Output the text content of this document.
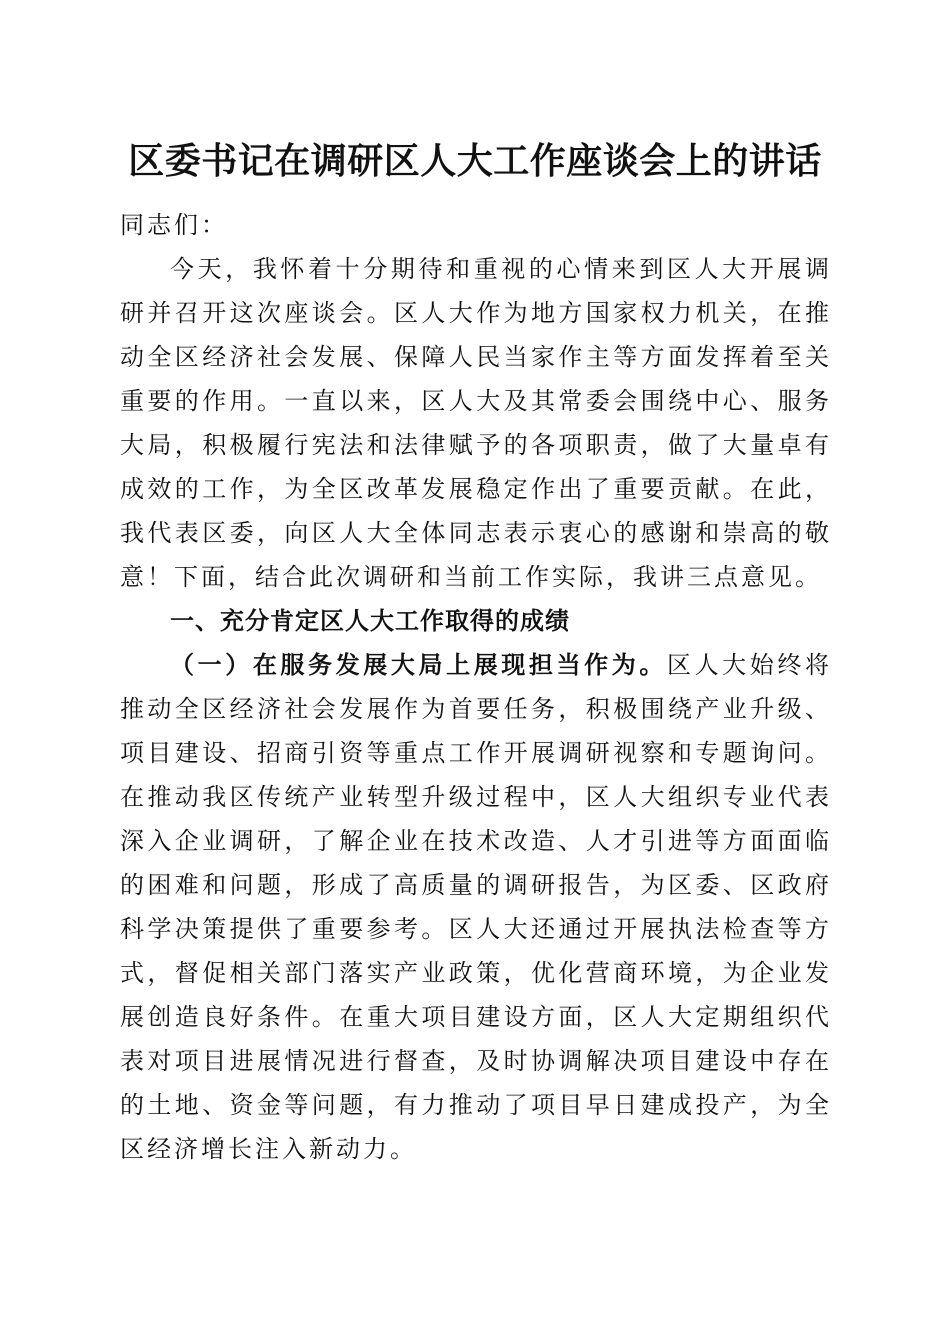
区委书记在调研区人大工作座谈会上的讲话

同志们：

今天，我怀着十分期待和重视的心情来到区人大开展调研并召开这次座谈会。区人大作为地方国家权力机关，在推动全区经济社会发展、保障人民当家作主等方面发挥着至关重要的作用。一直以来，区人大及其常委会围绕中心、服务大局，积极履行宪法和法律赋予的各项职责，做了大量卓有成效的工作，为全区改革发展稳定作出了重要贡献。在此，我代表区委，向区人大全体同志表示衷心的感谢和崇高的敬意！下面，结合此次调研和当前工作实际，我讲三点意见。

一、充分肯定区人大工作取得的成绩

（一）在服务发展大局上展现担当作为。区人大始终将推动全区经济社会发展作为首要任务，积极围绕产业升级、项目建设、招商引资等重点工作开展调研视察和专题询问。在推动我区传统产业转型升级过程中，区人大组织专业代表深入企业调研，了解企业在技术改造、人才引进等方面面临的困难和问题，形成了高质量的调研报告，为区委、区政府科学决策提供了重要参考。区人大还通过开展执法检查等方式，督促相关部门落实产业政策，优化营商环境，为企业发展创造良好条件。在重大项目建设方面，区人大定期组织代表对项目进展情况进行督查，及时协调解决项目建设中存在的土地、资金等问题，有力推动了项目早日建成投产，为全区经济增长注入新动力。
